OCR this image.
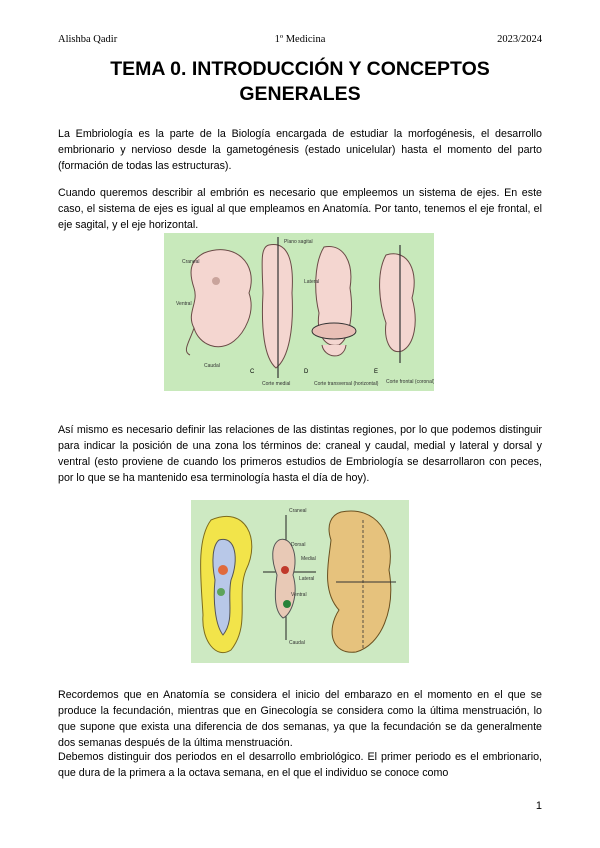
Alishba Qadir	1º Medicina	2023/2024
TEMA 0. INTRODUCCIÓN Y CONCEPTOS GENERALES

La Embriología es la parte de la Biología encargada de estudiar la morfogénesis, el desarrollo embrionario y nervioso desde la gametogénesis (estado unicelular) hasta el momento del parto (formación de todas las estructuras).

Cuando queremos describir al embrión es necesario que empleemos un sistema de ejes. En este caso, el sistema de ejes es igual al que empleamos en Anatomía. Por tanto, tenemos el eje frontal, el eje sagital, y el eje horizontal.

Craneal
Ventral
Caudal
Plano sagital
Lateral
Corte medial	Corte transversal (horizontal) Corte frontal (coronal)
C	D	E

Así mismo es necesario definir las relaciones de las distintas regiones, por lo que podemos distinguir para indicar la posición de una zona los términos de: craneal y caudal, medial y lateral y dorsal y ventral (esto proviene de cuando los primeros estudios de Embriología se desarrollaron con peces, por lo que se ha mantenido esa terminología hasta el día de hoy).

Craneal
Dorsal
Medial
Lateral
Ventral
Caudal

Recordemos que en Anatomía se considera el inicio del embarazo en el momento en el que se produce la fecundación, mientras que en Ginecología se considera como la última menstruación, lo que supone que exista una diferencia de dos semanas, ya que la fecundación se da generalmente dos semanas después de la última menstruación.

Debemos distinguir dos periodos en el desarrollo embriológico. El primer periodo es el embrionario, que dura de la primera a la octava semana, en el que el individuo se conoce como

1
